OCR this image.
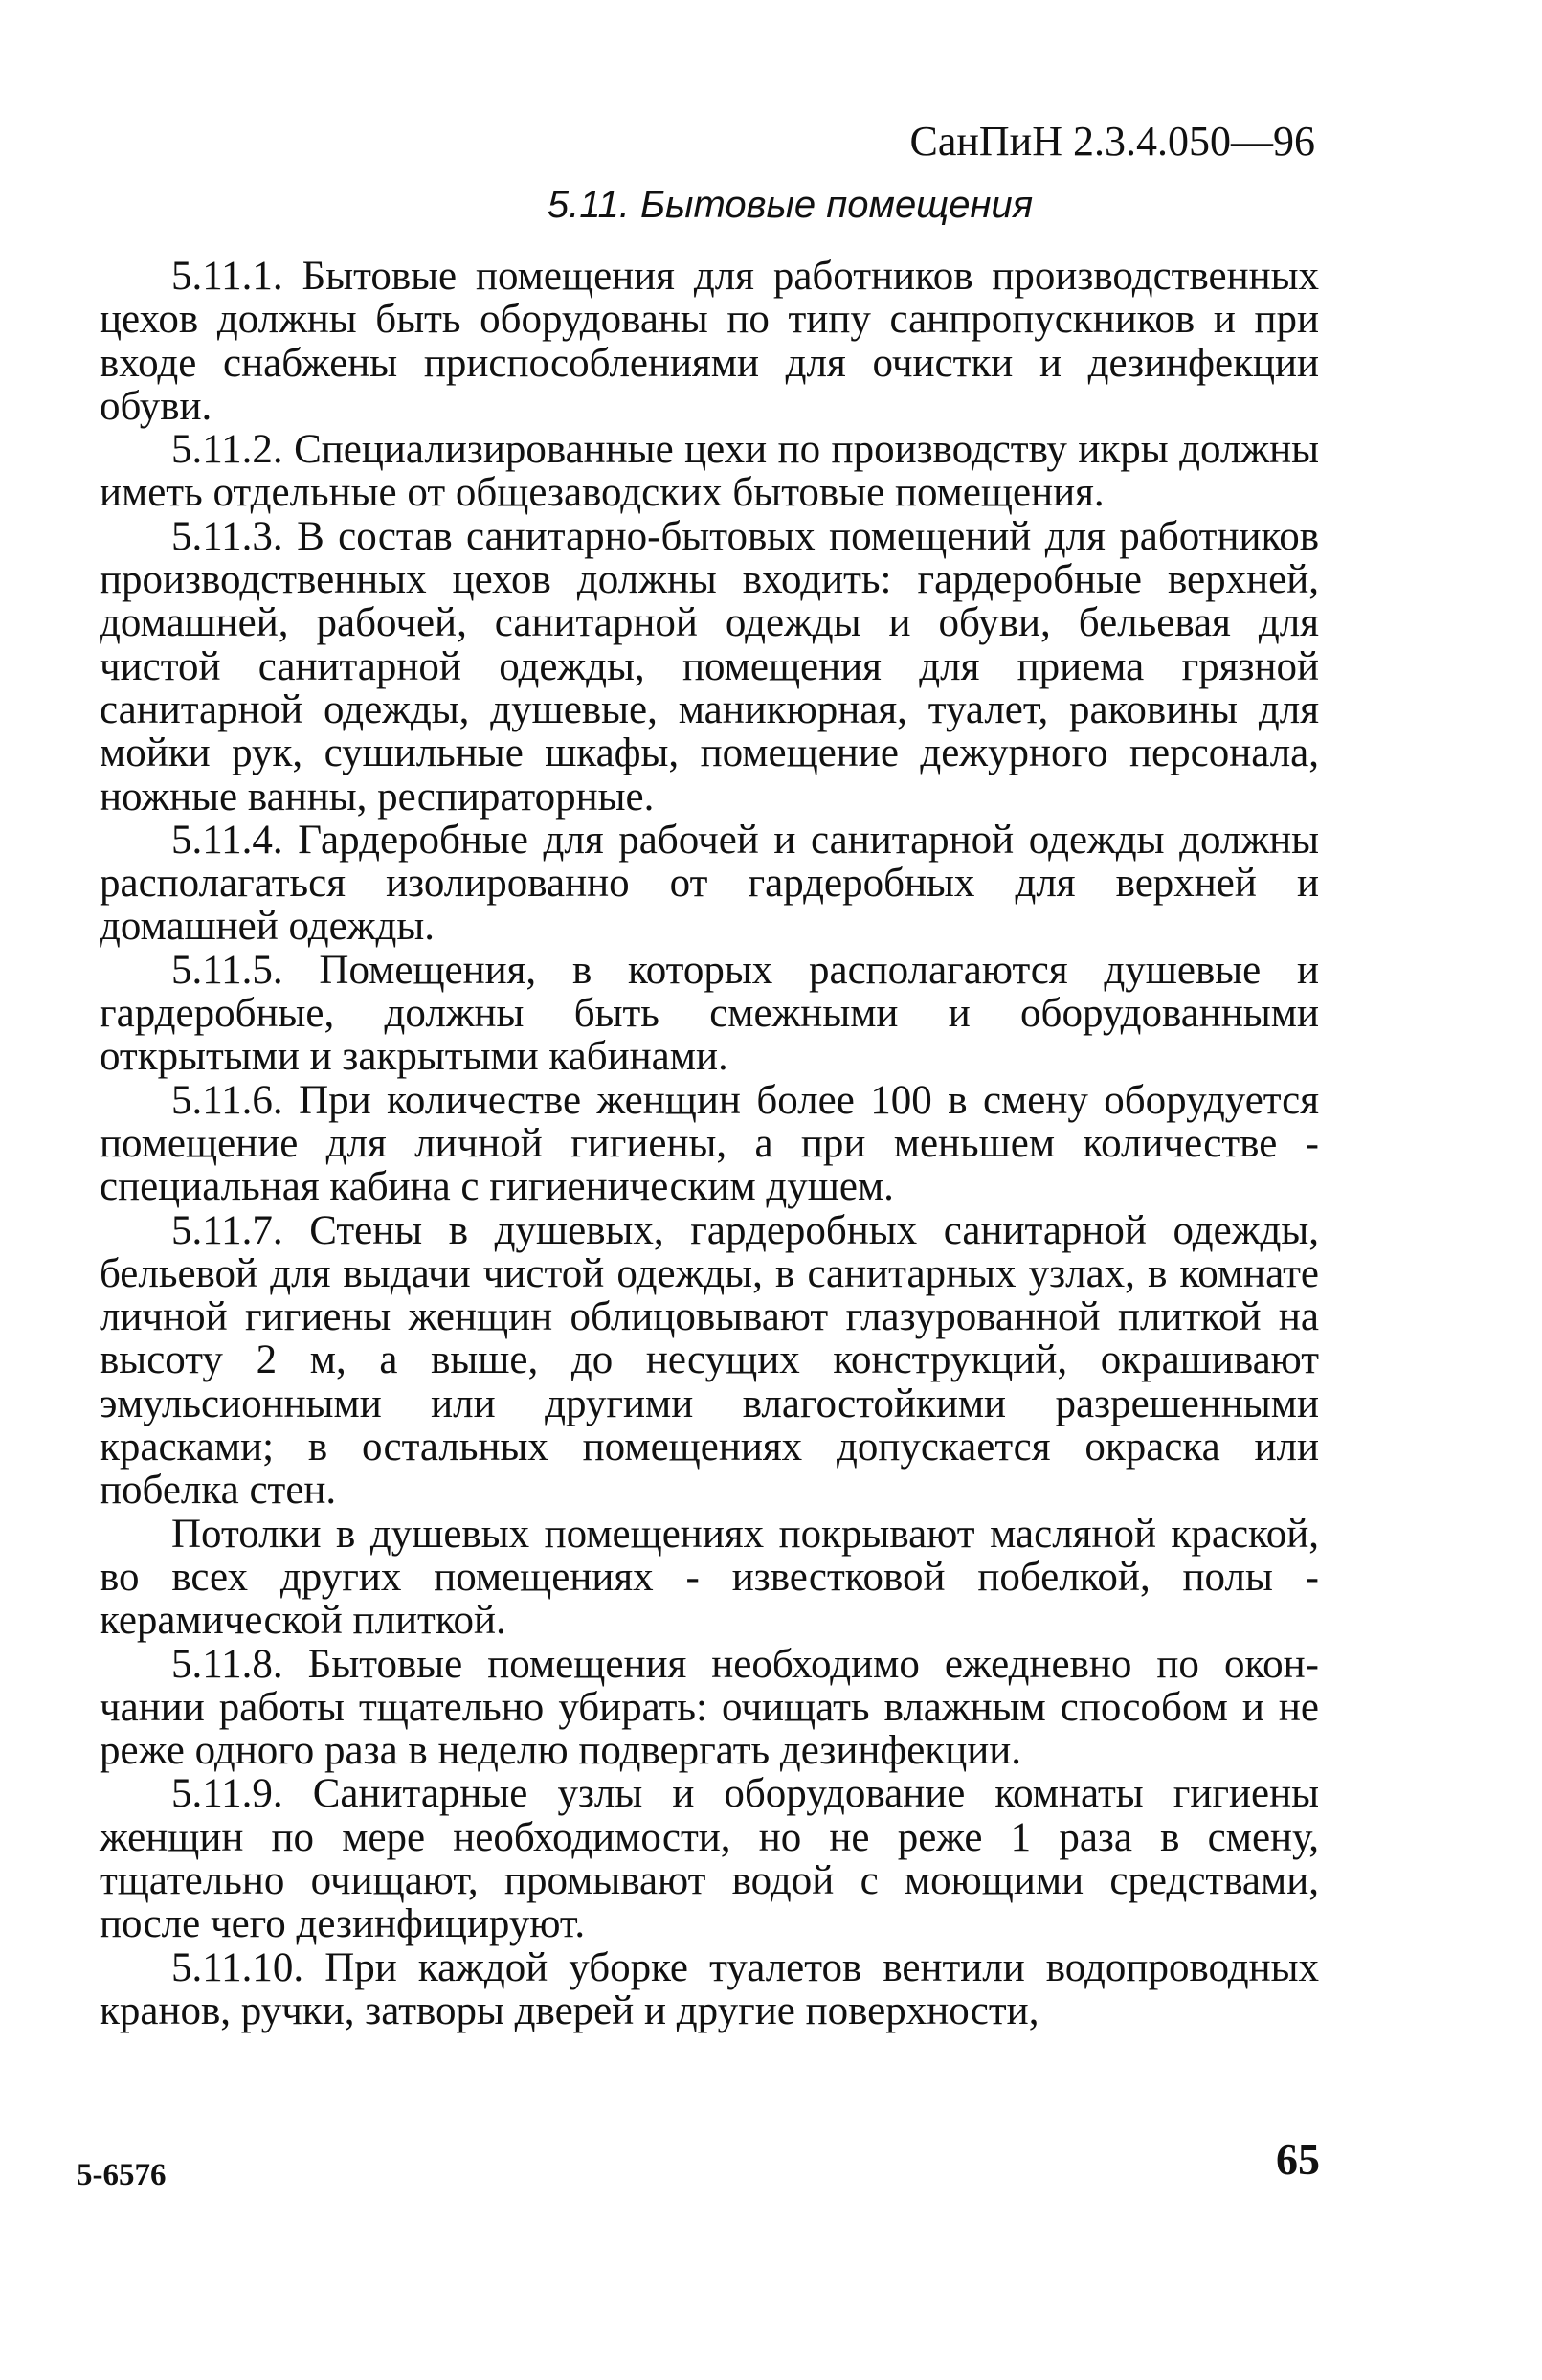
СанПиН 2.3.4.050—96
5.11. Бытовые помещения

5.11.1. Бытовые помещения для работников производственных цехов должны быть оборудованы по типу санпропускников и при входе снабжены приспособлениями для очистки и дезинфекции обуви.

5.11.2. Специализированные цехи по производству икры должны иметь отдельные от общезаводских бытовые помещения.

5.11.3. В состав санитарно-бытовых помещений для работников производственных цехов должны входить: гардеробные верхней, домашней, рабочей, санитарной одежды и обуви, бельевая для чистой санитарной одежды, помещения для приема грязной санитарной одежды, душевые, маникюрная, туалет, раковины для мойки рук, сушильные шкафы, помещение дежурного персонала, ножные ванны, респираторные.

5.11.4. Гардеробные для рабочей и санитарной одежды должны располагаться изолированно от гардеробных для верхней и домашней одежды.

5.11.5. Помещения, в которых располагаются душевые и гардеробные, должны быть смежными и оборудованными открытыми и закрытыми кабинами.

5.11.6. При количестве женщин более 100 в смену оборудуется помещение для личной гигиены, а при меньшем количестве - специальная кабина с гигиеническим душем.

5.11.7. Стены в душевых, гардеробных санитарной одежды, бельевой для выдачи чистой одежды, в санитарных узлах, в комнате личной гигиены женщин облицовывают глазурованной плиткой на высоту 2 м, а выше, до несущих конструкций, окрашивают эмульсионными или другими влагостойкими разрешенными красками; в остальных помещениях допускается окраска или побелка стен.

Потолки в душевых помещениях покрывают масляной краской, во всех других помещениях - известковой побелкой, полы - керамической плиткой.

5.11.8. Бытовые помещения необходимо ежедневно по окончании работы тщательно убирать: очищать влажным способом и не реже одного раза в неделю подвергать дезинфекции.

5.11.9. Санитарные узлы и оборудование комнаты гигиены женщин по мере необходимости, но не реже 1 раза в смену, тщательно очищают, промывают водой с моющими средствами, после чего дезинфицируют.

5.11.10. При каждой уборке туалетов вентили водопроводных кранов, ручки, затворы дверей и другие поверхности,

5-6576	65
